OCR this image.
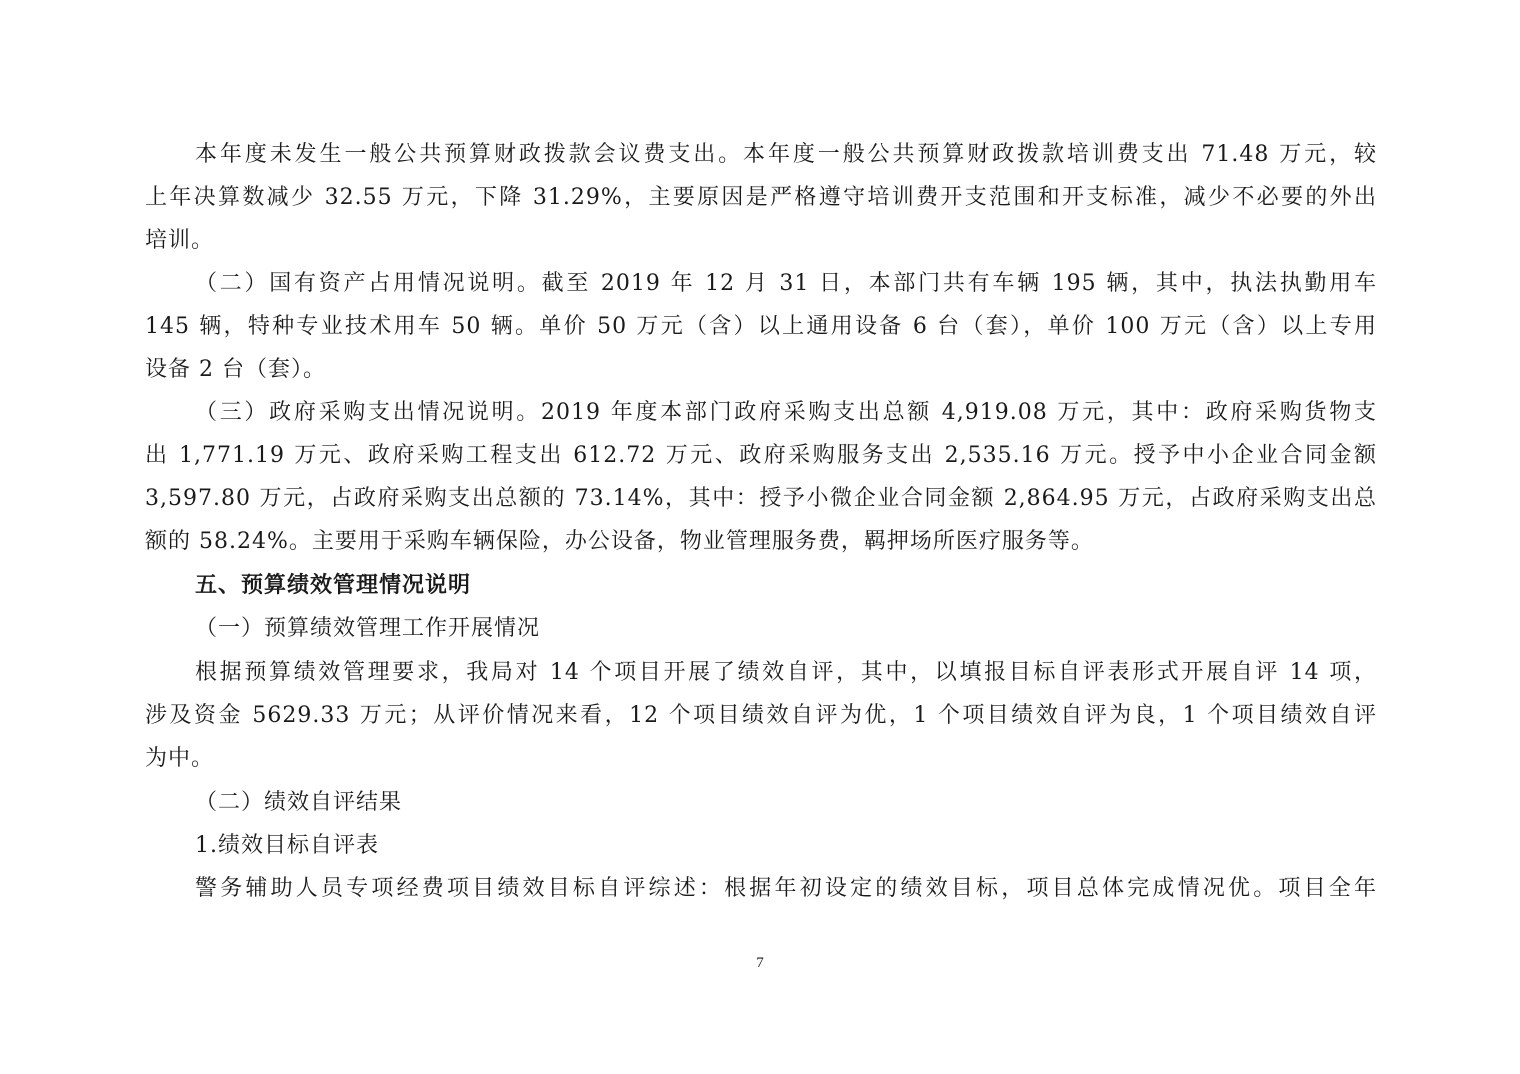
本年度未发生一般公共预算财政拨款会议费支出。本年度一般公共预算财政拨款培训费支出 71.48 万元，较
上年决算数减少 32.55 万元，下降 31.29%，主要原因是严格遵守培训费开支范围和开支标准，减少不必要的外出
培训。
（二）国有资产占用情况说明。截至 2019 年 12 月 31 日，本部门共有车辆 195 辆，其中，执法执勤用车
145 辆，特种专业技术用车 50 辆。单价 50 万元（含）以上通用设备 6 台（套），单价 100 万元（含）以上专用
设备 2 台（套）。
（三）政府采购支出情况说明。2019 年度本部门政府采购支出总额 4,919.08 万元，其中：政府采购货物支
出 1,771.19 万元、政府采购工程支出 612.72 万元、政府采购服务支出 2,535.16 万元。授予中小企业合同金额
3,597.80 万元，占政府采购支出总额的 73.14%，其中：授予小微企业合同金额 2,864.95 万元，占政府采购支出总
额的 58.24%。主要用于采购车辆保险，办公设备，物业管理服务费，羁押场所医疗服务等。
五、预算绩效管理情况说明
（一）预算绩效管理工作开展情况
根据预算绩效管理要求，我局对 14 个项目开展了绩效自评，其中，以填报目标自评表形式开展自评 14 项，
涉及资金 5629.33 万元；从评价情况来看，12 个项目绩效自评为优，1 个项目绩效自评为良，1 个项目绩效自评
为中。
（二）绩效自评结果
1.绩效目标自评表
警务辅助人员专项经费项目绩效目标自评综述：根据年初设定的绩效目标，项目总体完成情况优。项目全年
7
